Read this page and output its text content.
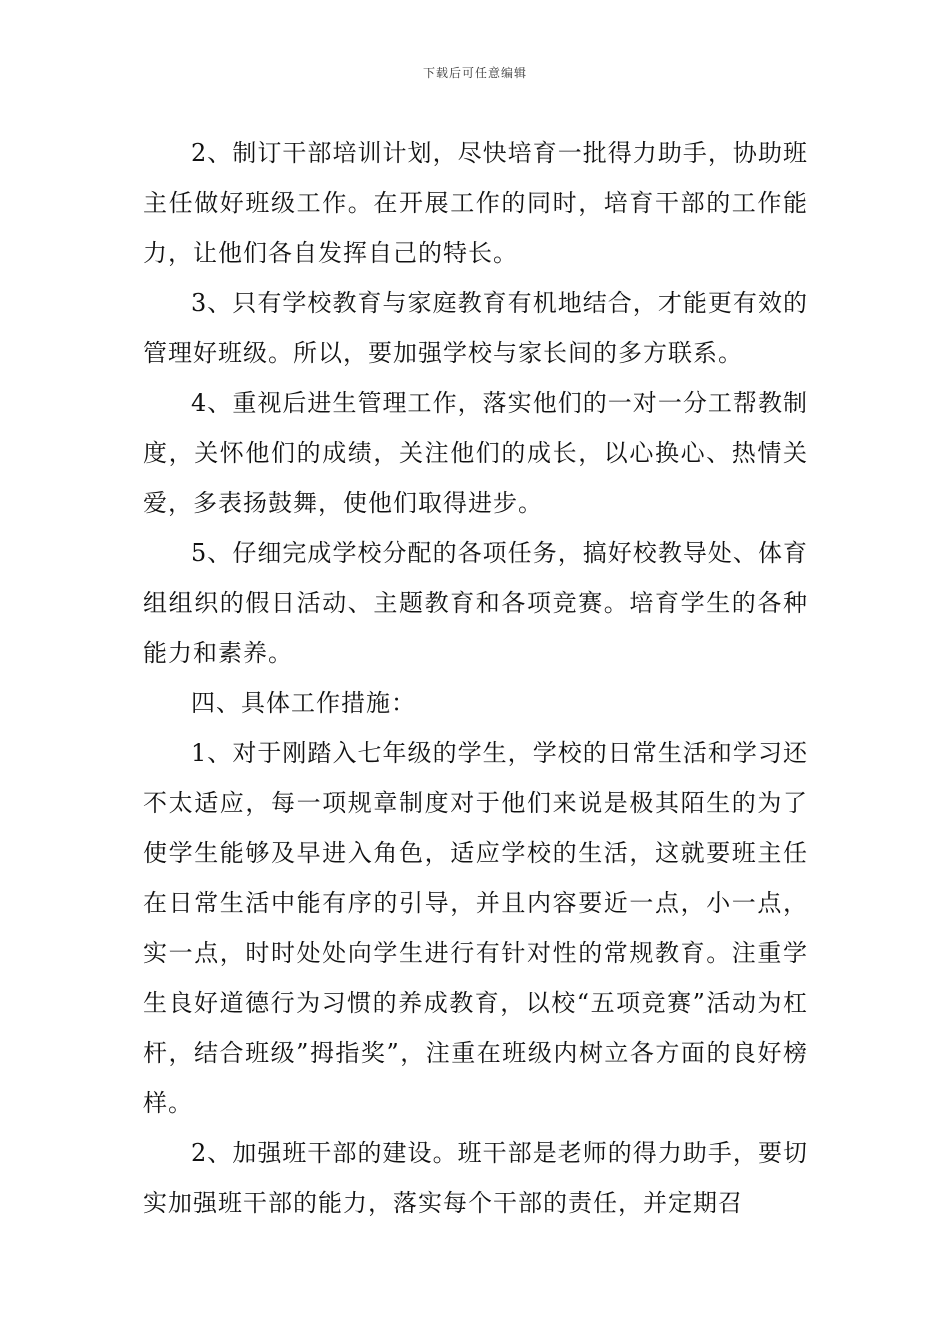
下载后可任意编辑

2、制订干部培训计划，尽快培育一批得力助手，协助班主任做好班级工作。在开展工作的同时，培育干部的工作能力，让他们各自发挥自己的特长。

3、只有学校教育与家庭教育有机地结合，才能更有效的管理好班级。所以，要加强学校与家长间的多方联系。

4、重视后进生管理工作，落实他们的一对一分工帮教制度，关怀他们的成绩，关注他们的成长，以心换心、热情关爱，多表扬鼓舞，使他们取得进步。

5、仔细完成学校分配的各项任务，搞好校教导处、体育组组织的假日活动、主题教育和各项竞赛。培育学生的各种能力和素养。

四、具体工作措施：

1、对于刚踏入七年级的学生，学校的日常生活和学习还不太适应，每一项规章制度对于他们来说是极其陌生的为了使学生能够及早进入角色，适应学校的生活，这就要班主任在日常生活中能有序的引导，并且内容要近一点，小一点，实一点，时时处处向学生进行有针对性的常规教育。注重学生良好道德行为习惯的养成教育，以校“五项竞赛”活动为杠杆，结合班级”拇指奖”，注重在班级内树立各方面的良好榜样。

2、加强班干部的建设。班干部是老师的得力助手，要切实加强班干部的能力，落实每个干部的责任，并定期召
